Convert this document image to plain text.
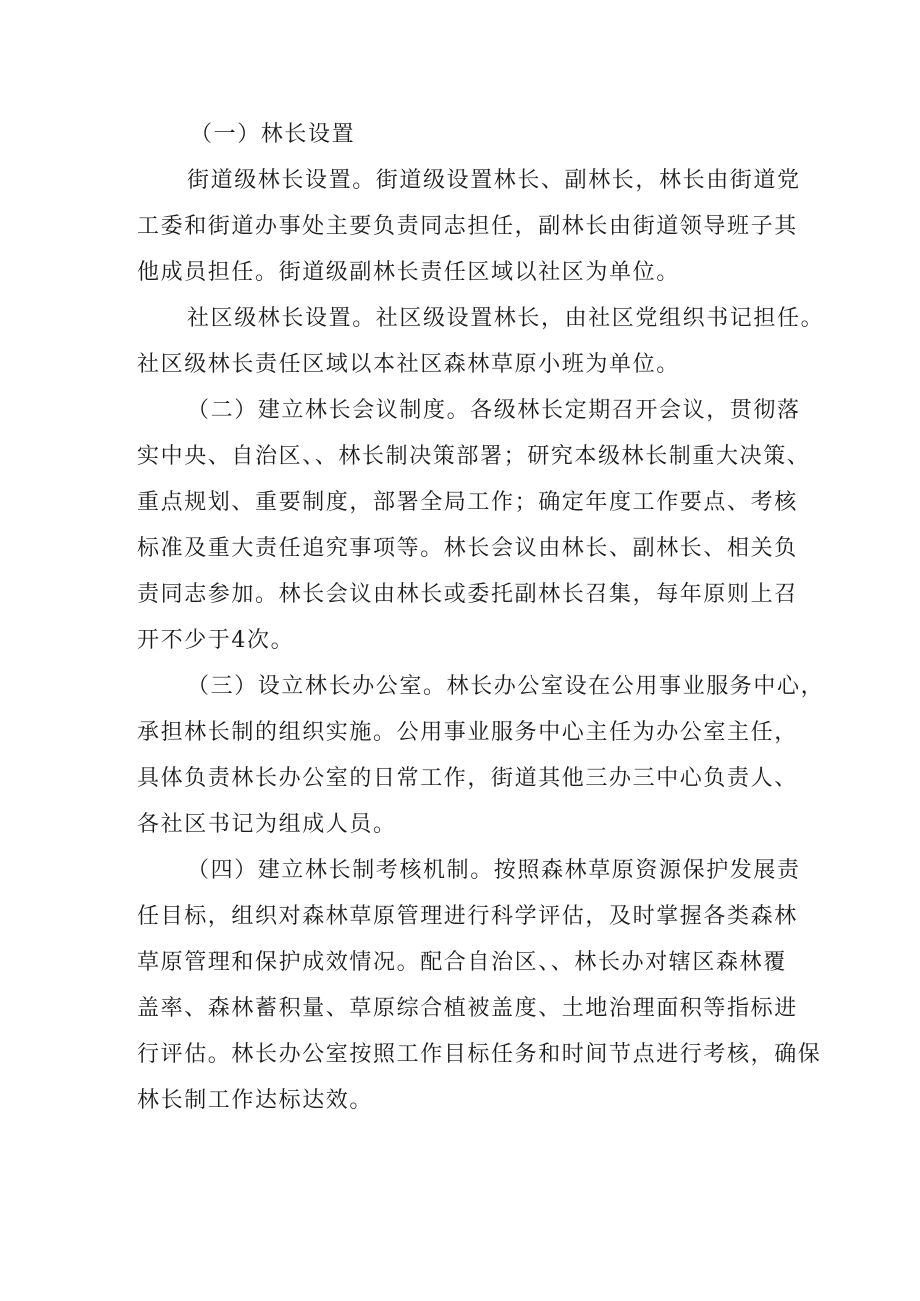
（一）林长设置
街道级林长设置。街道级设置林长、副林长，林长由街道党
工委和街道办事处主要负责同志担任，副林长由街道领导班子其
他成员担任。街道级副林长责任区域以社区为单位。
社区级林长设置。社区级设置林长，由社区党组织书记担任。
社区级林长责任区域以本社区森林草原小班为单位。
（二）建立林长会议制度。各级林长定期召开会议，贯彻落
实中央、自治区、、林长制决策部署；研究本级林长制重大决策、
重点规划、重要制度，部署全局工作；确定年度工作要点、考核
标准及重大责任追究事项等。林长会议由林长、副林长、相关负
责同志参加。林长会议由林长或委托副林长召集，每年原则上召
开不少于4次。
（三）设立林长办公室。林长办公室设在公用事业服务中心，
承担林长制的组织实施。公用事业服务中心主任为办公室主任，
具体负责林长办公室的日常工作，街道其他三办三中心负责人、
各社区书记为组成人员。
（四）建立林长制考核机制。按照森林草原资源保护发展责
任目标，组织对森林草原管理进行科学评估，及时掌握各类森林
草原管理和保护成效情况。配合自治区、、林长办对辖区森林覆
盖率、森林蓄积量、草原综合植被盖度、土地治理面积等指标进
行评估。林长办公室按照工作目标任务和时间节点进行考核，确保
林长制工作达标达效。
